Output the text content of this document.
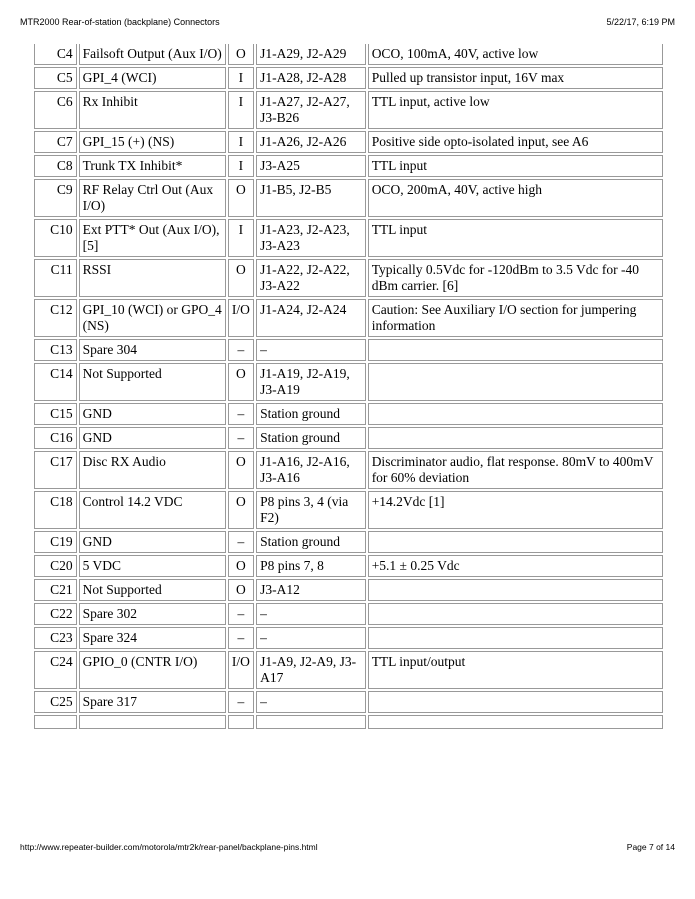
MTR2000 Rear-of-station (backplane) Connectors	5/22/17, 6:19 PM
C4	Failsoft Output (Aux I/O)	O	J1-A29, J2-A29	OCO, 100mA, 40V, active low
C5	GPI_4 (WCI)	I	J1-A28, J2-A28	Pulled up transistor input, 16V max
C6	Rx Inhibit	I	J1-A27, J2-A27, J3-B26	TTL input, active low
C7	GPI_15 (+) (NS)	I	J1-A26, J2-A26	Positive side opto-isolated input, see A6
C8	Trunk TX Inhibit*	I	J3-A25	TTL input
C9	RF Relay Ctrl Out (Aux I/O)	O	J1-B5, J2-B5	OCO, 200mA, 40V, active high
C10	Ext PTT* Out (Aux I/O), [5]	I	J1-A23, J2-A23, J3-A23	TTL input
C11	RSSI	O	J1-A22, J2-A22, J3-A22	Typically 0.5Vdc for -120dBm to 3.5 Vdc for -40 dBm carrier. [6]
C12	GPI_10 (WCI) or GPO_4 (NS)	I/O	J1-A24, J2-A24	Caution: See Auxiliary I/O section for jumpering information
C13	Spare 304	–	–	
C14	Not Supported	O	J1-A19, J2-A19, J3-A19	
C15	GND	–	Station ground	
C16	GND	–	Station ground	
C17	Disc RX Audio	O	J1-A16, J2-A16, J3-A16	Discriminator audio, flat response. 80mV to 400mV for 60% deviation
C18	Control 14.2 VDC	O	P8 pins 3, 4 (via F2)	+14.2Vdc [1]
C19	GND	–	Station ground	
C20	5 VDC	O	P8 pins 7, 8	+5.1 ± 0.25 Vdc
C21	Not Supported	O	J3-A12	
C22	Spare 302	–	–	
C23	Spare 324	–	–	
C24	GPIO_0 (CNTR I/O)	I/O	J1-A9, J2-A9, J3-A17	TTL input/output
C25	Spare 317	–	–	

http://www.repeater-builder.com/motorola/mtr2k/rear-panel/backplane-pins.html	Page 7 of 14
